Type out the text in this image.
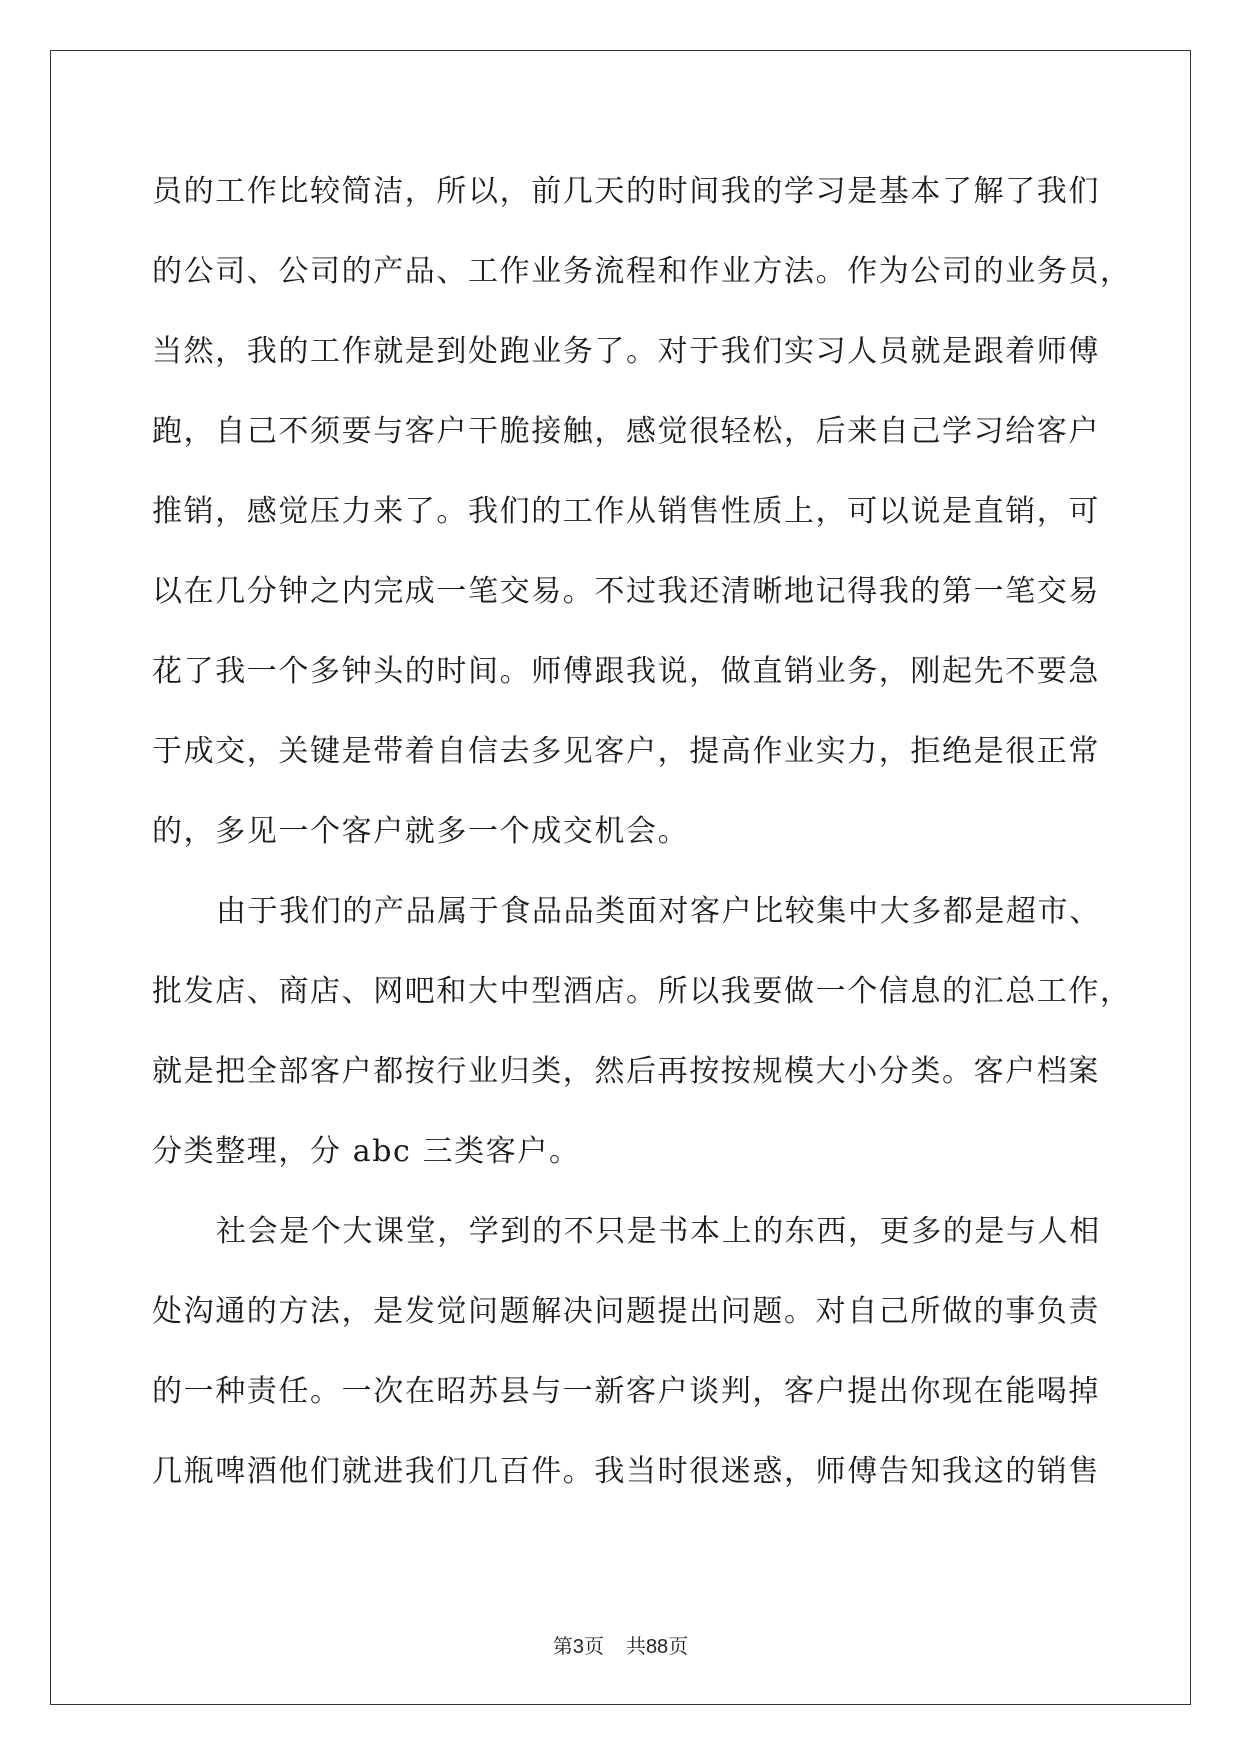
员的工作比较简洁，所以，前几天的时间我的学习是基本了解了我们
的公司、公司的产品、工作业务流程和作业方法。作为公司的业务员，
当然，我的工作就是到处跑业务了。对于我们实习人员就是跟着师傅
跑，自己不须要与客户干脆接触，感觉很轻松，后来自己学习给客户
推销，感觉压力来了。我们的工作从销售性质上，可以说是直销，可
以在几分钟之内完成一笔交易。不过我还清晰地记得我的第一笔交易
花了我一个多钟头的时间。师傅跟我说，做直销业务，刚起先不要急
于成交，关键是带着自信去多见客户，提高作业实力，拒绝是很正常
的，多见一个客户就多一个成交机会。
由于我们的产品属于食品品类面对客户比较集中大多都是超市、
批发店、商店、网吧和大中型酒店。所以我要做一个信息的汇总工作，
就是把全部客户都按行业归类，然后再按按规模大小分类。客户档案
分类整理，分 abc 三类客户。
社会是个大课堂，学到的不只是书本上的东西，更多的是与人相
处沟通的方法，是发觉问题解决问题提出问题。对自己所做的事负责
的一种责任。一次在昭苏县与一新客户谈判，客户提出你现在能喝掉
几瓶啤酒他们就进我们几百件。我当时很迷惑，师傅告知我这的销售
第3页 共88页
